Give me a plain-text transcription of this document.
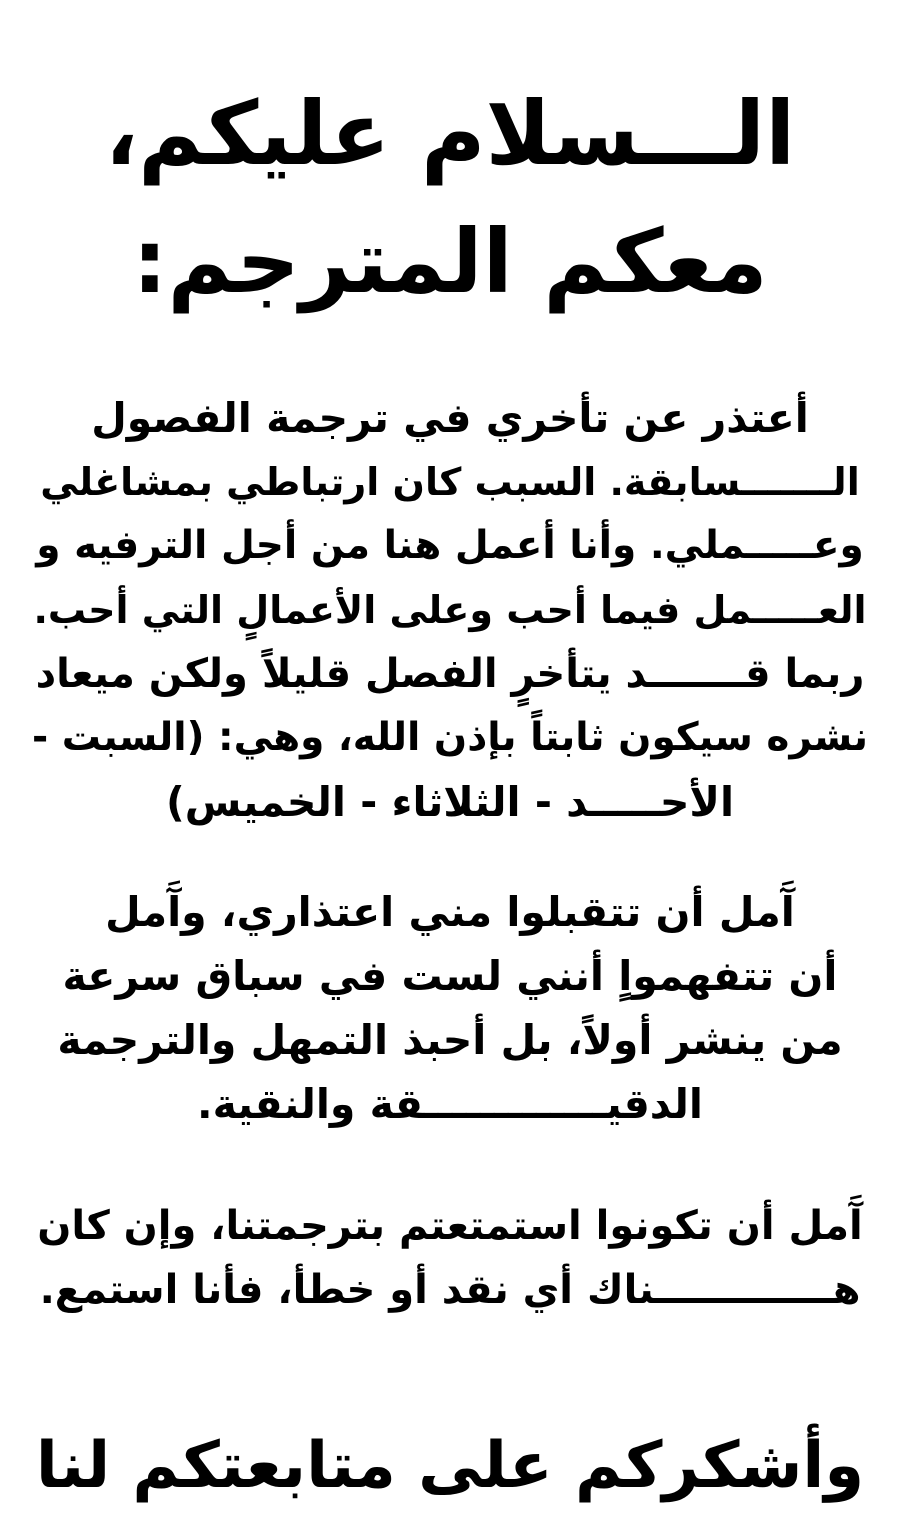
الـــسلام عليكم،
معكم المترجم:

أعتذر عن تأخري في ترجمة الفصول
الـــــــسابقة. السبب كان ارتباطي بمشاغلي
وعـــــملي. وأنا أعمل هنا من أجل الترفيه و
العـــــمل فيما أحب وعلى الأعمالٍ التي أحب.
ربما قـــــــد يتأخرٍ الفصل قليلاً ولكن ميعاد
نشره سيكون ثابتاً بإذن الله، وهي: (السبت -
الأحـــــد - الثلاثاء - الخميس)

آَمل أن تتقبلوا مني اعتذاري، وآَمل
أن تتفهمواٍ أنني لست في سباق سرعة
من ينشر أولاً، بل أحبذ التمهل والترجمة
الدقيـــــــــــــقة والنقية.

آَمل أن تكونوا استمتعتم بترجمتنا، وإن كان
هـــــــــــــناك أي نقد أو خطأ، فأنا استمع.

وأشكركم على متابعتكم لنا
